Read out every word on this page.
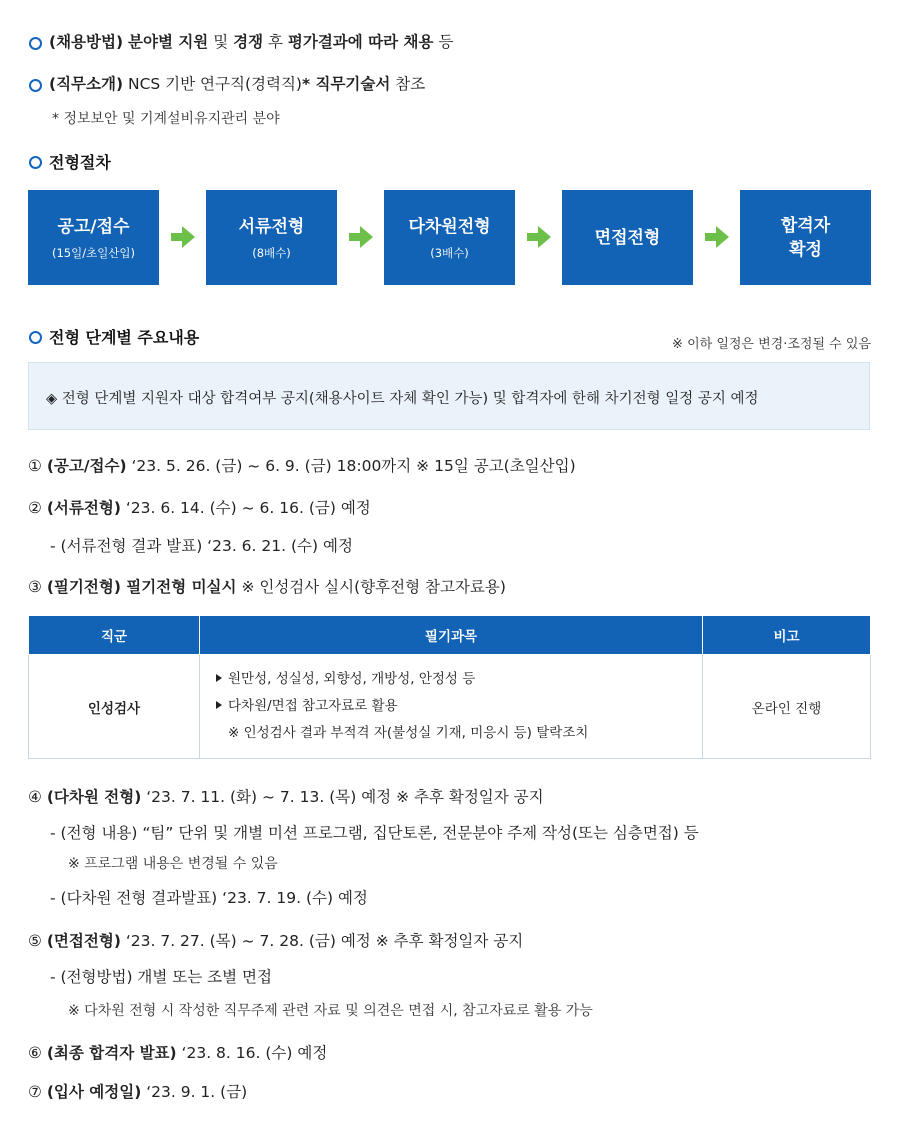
(채용방법) 분야별 지원 및 경쟁 후 평가결과에 따라 채용 등
(직무소개) NCS 기반 연구직(경력직)* 직무기술서 참조
* 정보보안 및 기계설비유지관리 분야
전형절차
공고/접수
(15일/초일산입)
서류전형
(8배수)
다차원전형
(3배수)
면접전형
합격자
확정
전형 단계별 주요내용	※ 이하 일정은 변경·조정될 수 있음
◈ 전형 단계별 지원자 대상 합격여부 공지(채용사이트 자체 확인 가능) 및 합격자에 한해 차기전형 일정 공지 예정
① (공고/접수) ‘23. 5. 26. (금) ~ 6. 9. (금) 18:00까지 ※ 15일 공고(초일산입)
② (서류전형) ‘23. 6. 14. (수) ~ 6. 16. (금) 예정
- (서류전형 결과 발표) ‘23. 6. 21. (수) 예정
③ (필기전형) 필기전형 미실시 ※ 인성검사 실시(향후전형 참고자료용)
직군	필기과목	비고
인성검사	원만성, 성실성, 외향성, 개방성, 안정성 등
다차원/면접 참고자료로 활용
※ 인성검사 결과 부적격 자(불성실 기재, 미응시 등) 탈락조치	온라인 진행
④ (다차원 전형) ‘23. 7. 11. (화) ~ 7. 13. (목) 예정 ※ 추후 확정일자 공지
- (전형 내용) “팀” 단위 및 개별 미션 프로그램, 집단토론, 전문분야 주제 작성(또는 심층면접) 등
※ 프로그램 내용은 변경될 수 있음
- (다차원 전형 결과발표) ‘23. 7. 19. (수) 예정
⑤ (면접전형) ‘23. 7. 27. (목) ~ 7. 28. (금) 예정 ※ 추후 확정일자 공지
- (전형방법) 개별 또는 조별 면접
※ 다차원 전형 시 작성한 직무주제 관련 자료 및 의견은 면접 시, 참고자료로 활용 가능
⑥ (최종 합격자 발표) ‘23. 8. 16. (수) 예정
⑦ (입사 예정일) ‘23. 9. 1. (금)
